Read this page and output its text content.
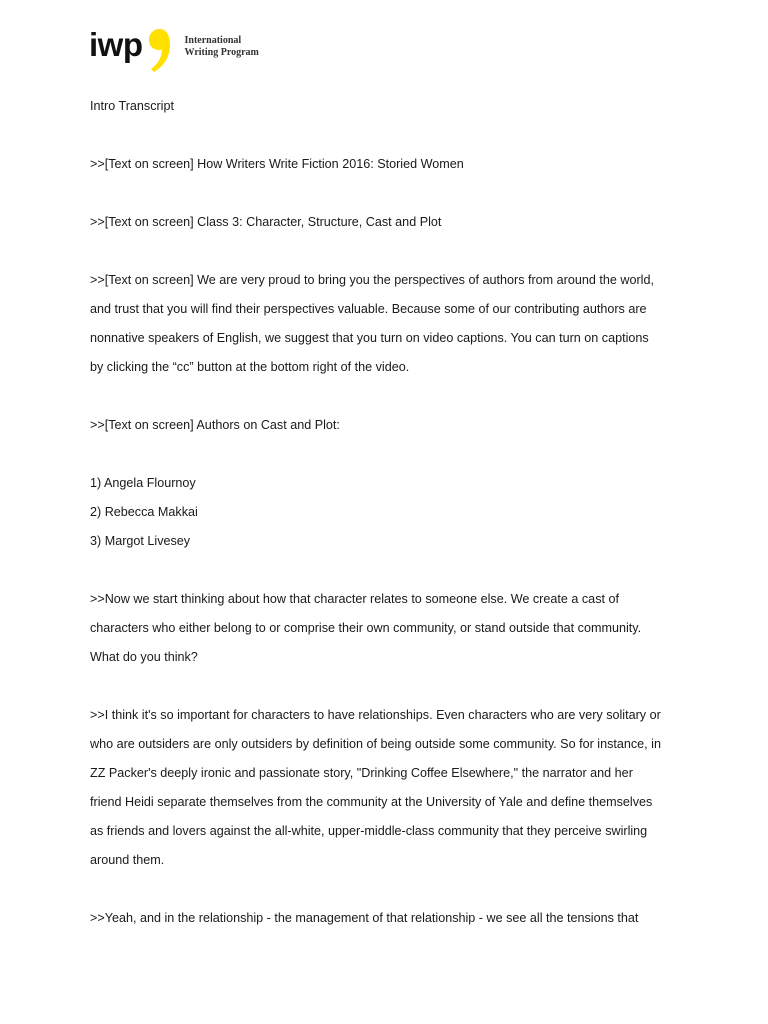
iwp	International
Writing Program

Intro Transcript

>>[Text on screen] How Writers Write Fiction 2016: Storied Women

>>[Text on screen] Class 3: Character, Structure, Cast and Plot

>>[Text on screen] We are very proud to bring you the perspectives of authors from around the world, and trust that you will find their perspectives valuable. Because some of our contributing authors are nonnative speakers of English, we suggest that you turn on video captions. You can turn on captions by clicking the “cc” button at the bottom right of the video.

>>[Text on screen] Authors on Cast and Plot:

1) Angela Flournoy

2) Rebecca Makkai

3) Margot Livesey

>>Now we start thinking about how that character relates to someone else. We create a cast of characters who either belong to or comprise their own community, or stand outside that community. What do you think?

>>I think it's so important for characters to have relationships. Even characters who are very solitary or who are outsiders are only outsiders by definition of being outside some community. So for instance, in ZZ Packer's deeply ironic and passionate story, "Drinking Coffee Elsewhere," the narrator and her friend Heidi separate themselves from the community at the University of Yale and define themselves as friends and lovers against the all-white, upper-middle-class community that they perceive swirling around them.

>>Yeah, and in the relationship - the management of that relationship - we see all the tensions that
